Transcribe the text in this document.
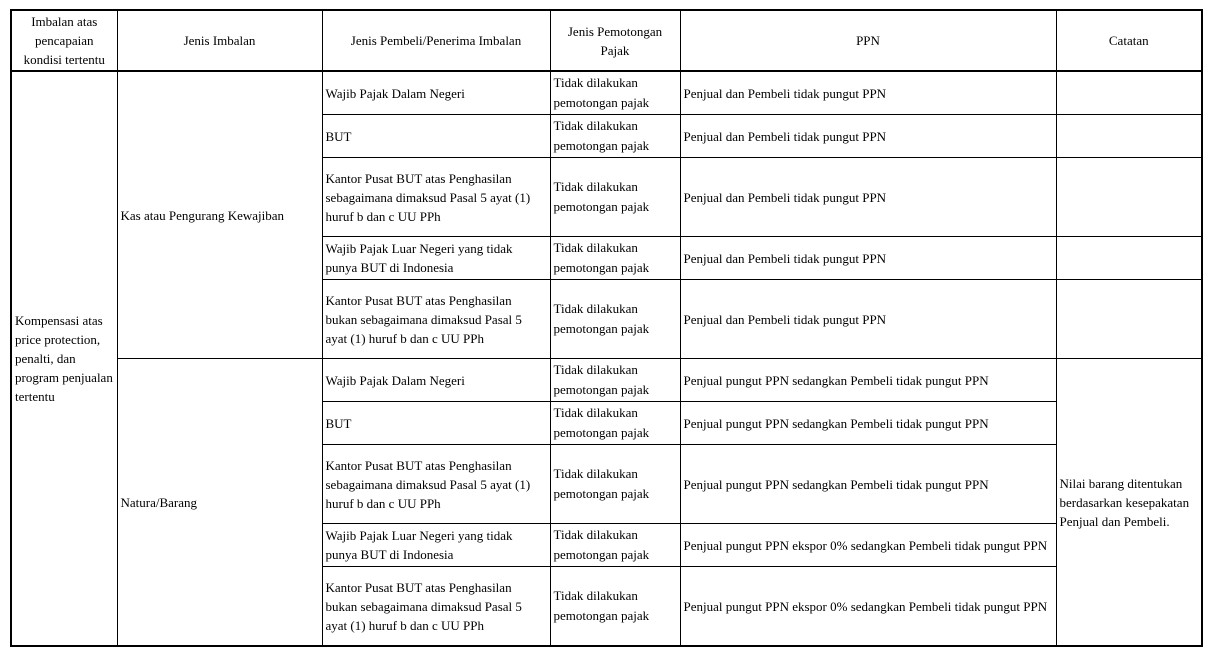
Imbalan atas pencapaian kondisi tertentu	Jenis Imbalan	Jenis Pembeli/Penerima Imbalan	Jenis Pemotongan Pajak	PPN	Catatan
Kompensasi atas price protection, penalti, dan program penjualan tertentu	Kas atau Pengurang Kewajiban	Wajib Pajak Dalam Negeri	Tidak dilakukan pemotongan pajak	Penjual dan Pembeli tidak pungut PPN	
		BUT	Tidak dilakukan pemotongan pajak	Penjual dan Pembeli tidak pungut PPN	
		Kantor Pusat BUT atas Penghasilan sebagaimana dimaksud Pasal 5 ayat (1) huruf b dan c UU PPh	Tidak dilakukan pemotongan pajak	Penjual dan Pembeli tidak pungut PPN	
		Wajib Pajak Luar Negeri yang tidak punya BUT di Indonesia	Tidak dilakukan pemotongan pajak	Penjual dan Pembeli tidak pungut PPN	
		Kantor Pusat BUT atas Penghasilan bukan sebagaimana dimaksud Pasal 5 ayat (1) huruf b dan c UU PPh	Tidak dilakukan pemotongan pajak	Penjual dan Pembeli tidak pungut PPN	
	Natura/Barang	Wajib Pajak Dalam Negeri	Tidak dilakukan pemotongan pajak	Penjual pungut PPN sedangkan Pembeli tidak pungut PPN	Nilai barang ditentukan berdasarkan kesepakatan Penjual dan Pembeli.
		BUT	Tidak dilakukan pemotongan pajak	Penjual pungut PPN sedangkan Pembeli tidak pungut PPN	
		Kantor Pusat BUT atas Penghasilan sebagaimana dimaksud Pasal 5 ayat (1) huruf b dan c UU PPh	Tidak dilakukan pemotongan pajak	Penjual pungut PPN sedangkan Pembeli tidak pungut PPN	
		Wajib Pajak Luar Negeri yang tidak punya BUT di Indonesia	Tidak dilakukan pemotongan pajak	Penjual pungut PPN ekspor 0% sedangkan Pembeli tidak pungut PPN	
		Kantor Pusat BUT atas Penghasilan bukan sebagaimana dimaksud Pasal 5 ayat (1) huruf b dan c UU PPh	Tidak dilakukan pemotongan pajak	Penjual pungut PPN ekspor 0% sedangkan Pembeli tidak pungut PPN	
